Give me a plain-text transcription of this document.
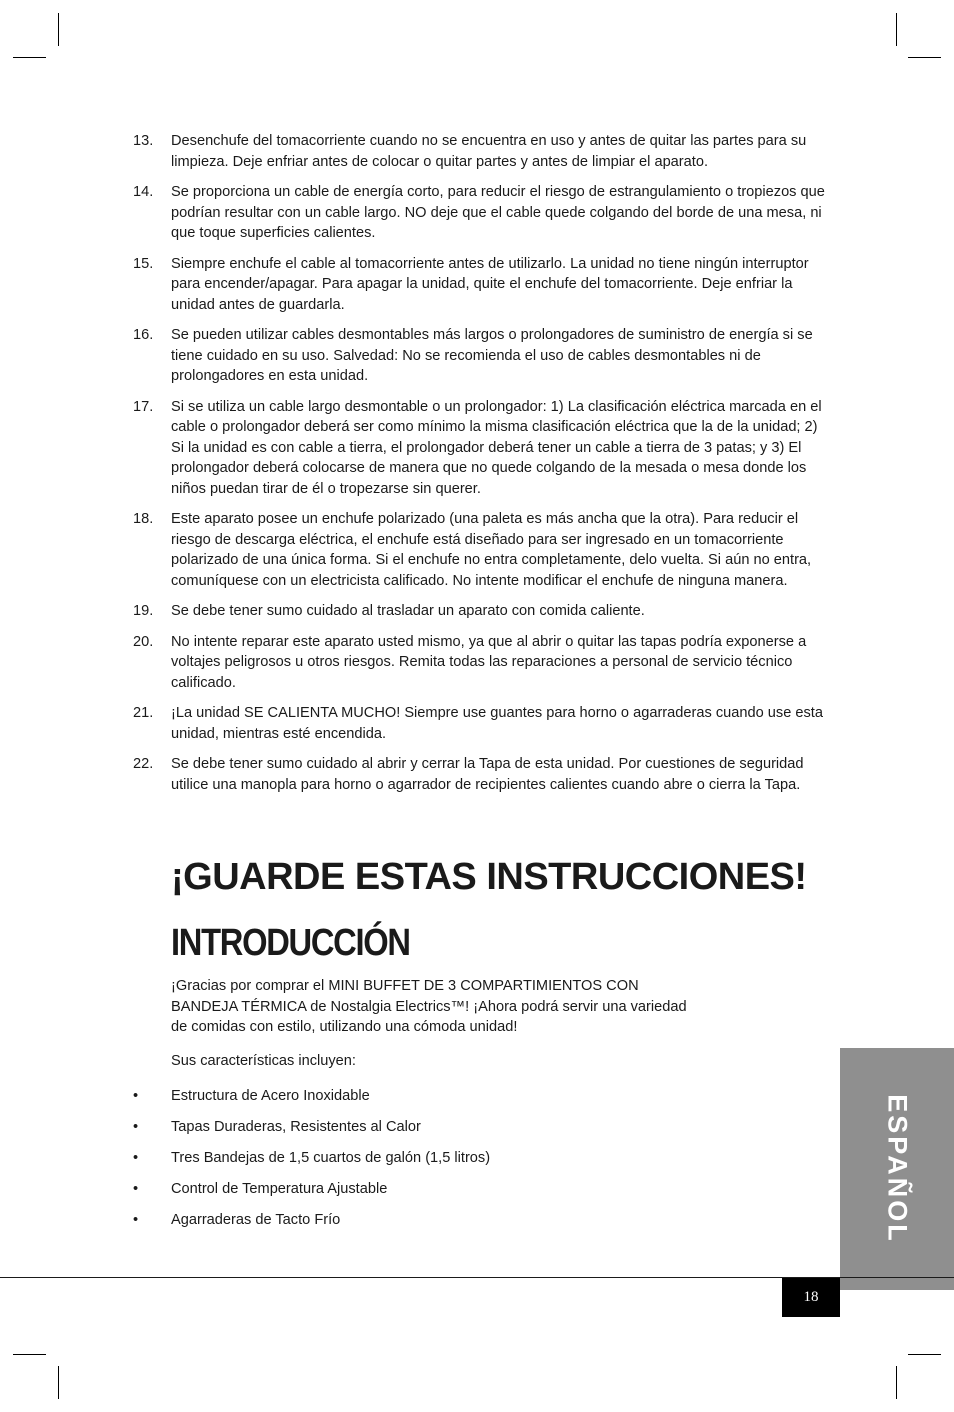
13. Desenchufe del tomacorriente cuando no se encuentra en uso y antes de quitar las partes para su limpieza. Deje enfriar antes de colocar o quitar partes y antes de limpiar el aparato.
14. Se proporciona un cable de energía corto, para reducir el riesgo de estrangulamiento o tropiezos que podrían resultar con un cable largo. NO deje que el cable quede colgando del borde de una mesa, ni que toque superficies calientes.
15. Siempre enchufe el cable al tomacorriente antes de utilizarlo. La unidad no tiene ningún interruptor para encender/apagar. Para apagar la unidad, quite el enchufe del tomacorriente. Deje enfriar la unidad antes de guardarla.
16. Se pueden utilizar cables desmontables más largos o prolongadores de suministro de energía si se tiene cuidado en su uso. Salvedad: No se recomienda el uso de cables desmontables ni de prolongadores en esta unidad.
17. Si se utiliza un cable largo desmontable o un prolongador: 1) La clasificación eléctrica marcada en el cable o prolongador deberá ser como mínimo la misma clasificación eléctrica que la de la unidad; 2) Si la unidad es con cable a tierra, el prolongador deberá tener un cable a tierra de 3 patas; y 3) El prolongador deberá colocarse de manera que no quede colgando de la mesada o mesa donde los niños puedan tirar de él o tropezarse sin querer.
18. Este aparato posee un enchufe polarizado (una paleta es más ancha que la otra). Para reducir el riesgo de descarga eléctrica, el enchufe está diseñado para ser ingresado en un tomacorriente polarizado de una única forma. Si el enchufe no entra completamente, delo vuelta. Si aún no entra, comuníquese con un electricista calificado. No intente modificar el enchufe de ninguna manera.
19. Se debe tener sumo cuidado al trasladar un aparato con comida caliente.
20. No intente reparar este aparato usted mismo, ya que al abrir o quitar las tapas podría exponerse a voltajes peligrosos u otros riesgos. Remita todas las reparaciones a personal de servicio técnico calificado.
21. ¡La unidad SE CALIENTA MUCHO! Siempre use guantes para horno o agarraderas cuando use esta unidad, mientras esté encendida.
22. Se debe tener sumo cuidado al abrir y cerrar la Tapa de esta unidad. Por cuestiones de seguridad utilice una manopla para horno o agarrador de recipientes calientes cuando abre o cierra la Tapa.
¡GUARDE ESTAS INSTRUCCIONES!
INTRODUCCIÓN

¡Gracias por comprar el MINI BUFFET DE 3 COMPARTIMIENTOS CON BANDEJA TÉRMICA de Nostalgia Electrics™! ¡Ahora podrá servir una variedad de comidas con estilo, utilizando una cómoda unidad!

Sus características incluyen:

• Estructura de Acero Inoxidable
• Tapas Duraderas, Resistentes al Calor
• Tres Bandejas de 1,5 cuartos de galón (1,5 litros)
• Control de Temperatura Ajustable
• Agarraderas de Tacto Frío	ESPAÑOL
18
